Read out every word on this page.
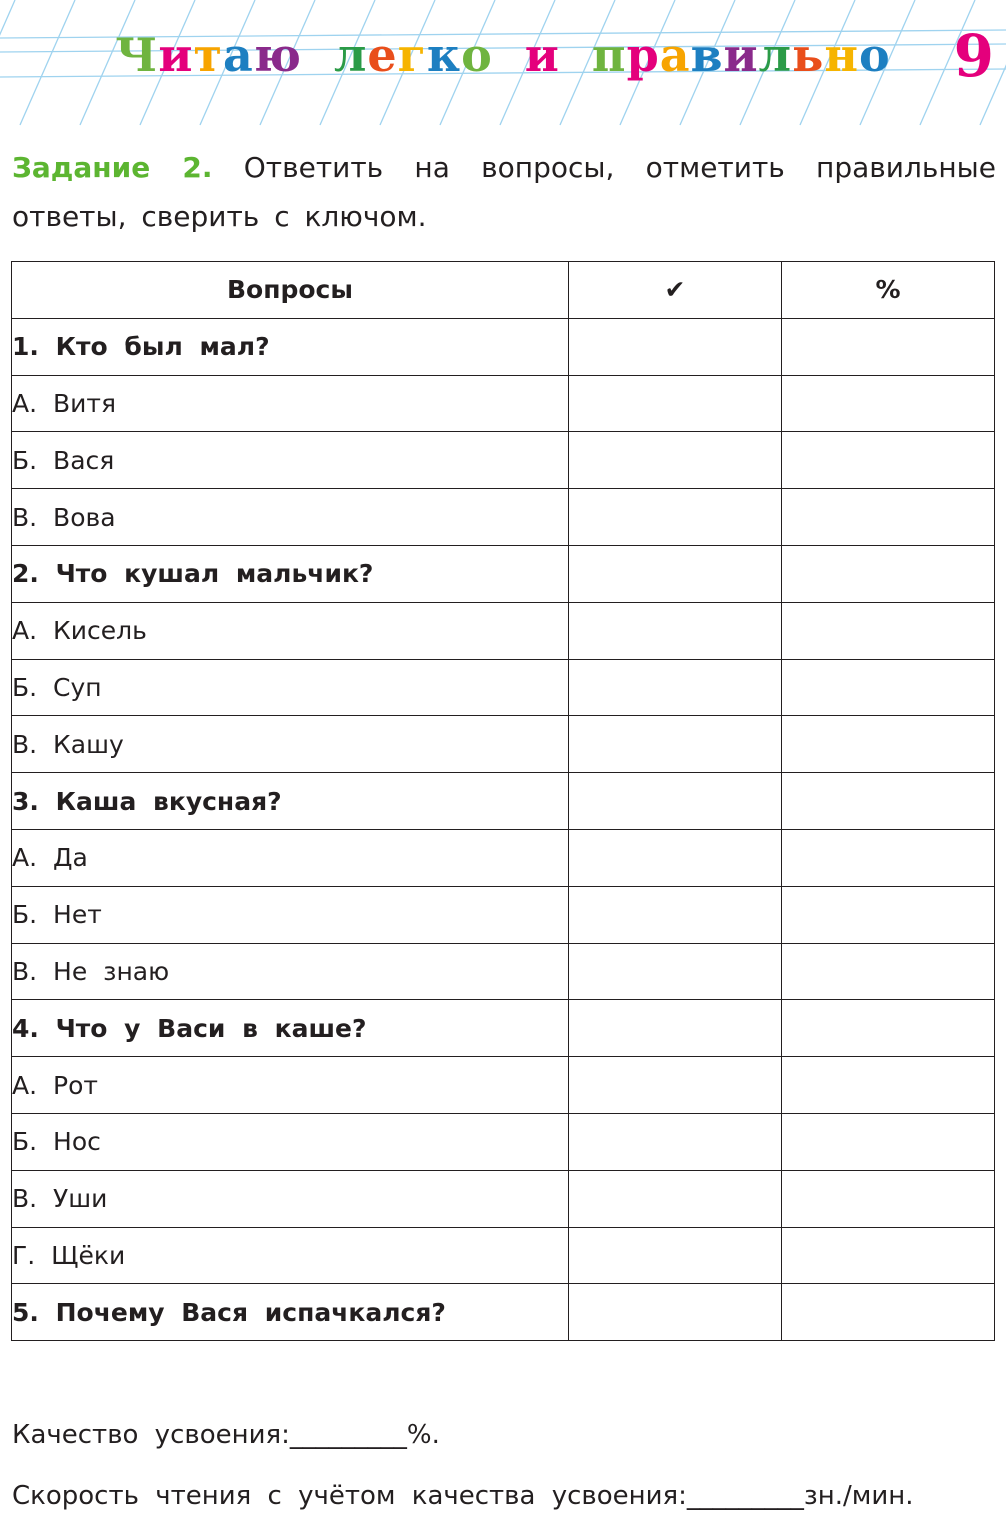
Читаю легко и правильно	9
Задание 2. Ответить на вопросы, отметить правильные ответы, сверить с ключом.
Вопросы	✔	%
1. Кто был мал?		
А. Витя		
Б. Вася		
В. Вова		
2. Что кушал мальчик?		
А. Кисель		
Б. Суп		
В. Кашу		
3. Каша вкусная?		
А. Да		
Б. Нет		
В. Не знаю		
4. Что у Васи в каше?		
А. Рот		
Б. Нос		
В. Уши		
Г. Щёки		
5. Почему Вася испачкался?		
Качество усвоения:_________%.
Скорость чтения с учётом качества усвоения:_________зн./мин.
